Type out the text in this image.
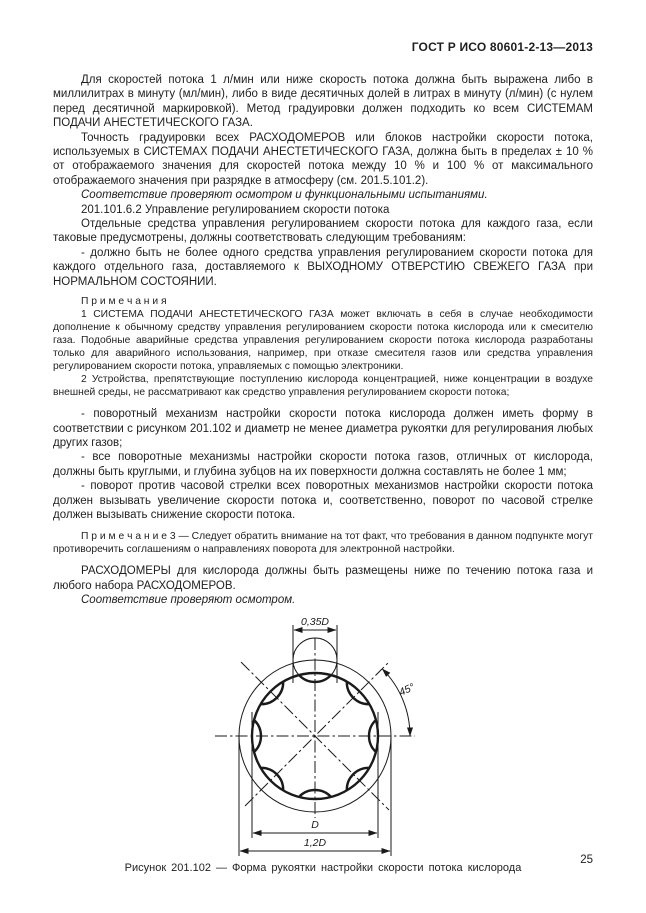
ГОСТ Р ИСО 80601-2-13—2013

Для скоростей потока 1 л/мин или ниже скорость потока должна быть выражена либо в миллилитрах в минуту (мл/мин), либо в виде десятичных долей в литрах в минуту (л/мин) (с нулем перед десятичной маркировкой). Метод градуировки должен подходить ко всем СИСТЕМАМ ПОДАЧИ АНЕСТЕТИЧЕСКОГО ГАЗА.

Точность градуировки всех РАСХОДОМЕРОВ или блоков настройки скорости потока, используемых в СИСТЕМАХ ПОДАЧИ АНЕСТЕТИЧЕСКОГО ГАЗА, должна быть в пределах ± 10 % от отображаемого значения для скоростей потока между 10 % и 100 % от максимального отображаемого значения при разрядке в атмосферу (см. 201.5.101.2).

Соответствие проверяют осмотром и функциональными испытаниями.

201.101.6.2 Управление регулированием скорости потока

Отдельные средства управления регулированием скорости потока для каждого газа, если таковые предусмотрены, должны соответствовать следующим требованиям:

- должно быть не более одного средства управления регулированием скорости потока для каждого отдельного газа, доставляемого к ВЫХОДНОМУ ОТВЕРСТИЮ СВЕЖЕГО ГАЗА при НОРМАЛЬНОМ СОСТОЯНИИ.

П р и м е ч а н и я

1 СИСТЕМА ПОДАЧИ АНЕСТЕТИЧЕСКОГО ГАЗА может включать в себя в случае необходимости дополнение к обычному средству управления регулированием скорости потока кислорода или к смесителю газа. Подобные аварийные средства управления регулированием скорости потока кислорода разработаны только для аварийного использования, например, при отказе смесителя газов или средства управления регулированием скорости потока, управляемых с помощью электроники.

2 Устройства, препятствующие поступлению кислорода концентрацией, ниже концентрации в воздухе внешней среды, не рассматривают как средство управления регулированием скорости потока;

- поворотный механизм настройки скорости потока кислорода должен иметь форму в соответствии с рисунком 201.102 и диаметр не менее диаметра рукоятки для регулирования любых других газов;

- все поворотные механизмы настройки скорости потока газов, отличных от кислорода, должны быть круглыми, и глубина зубцов на их поверхности должна составлять не более 1 мм;

- поворот против часовой стрелки всех поворотных механизмов настройки скорости потока должен вызывать увеличение скорости потока и, соответственно, поворот по часовой стрелке должен вызывать снижение скорости потока.

П р и м е ч а н и е 3 — Следует обратить внимание на тот факт, что требования в данном подпункте могут противоречить соглашениям о направлениях поворота для электронной настройки.

РАСХОДОМЕРЫ для кислорода должны быть размещены ниже по течению потока газа и любого набора РАСХОДОМЕРОВ.

Соответствие проверяют осмотром.

0,35D
45°
D
1,2D
Рисунок 201.102 — Форма рукоятки настройки скорости потока кислорода
25
